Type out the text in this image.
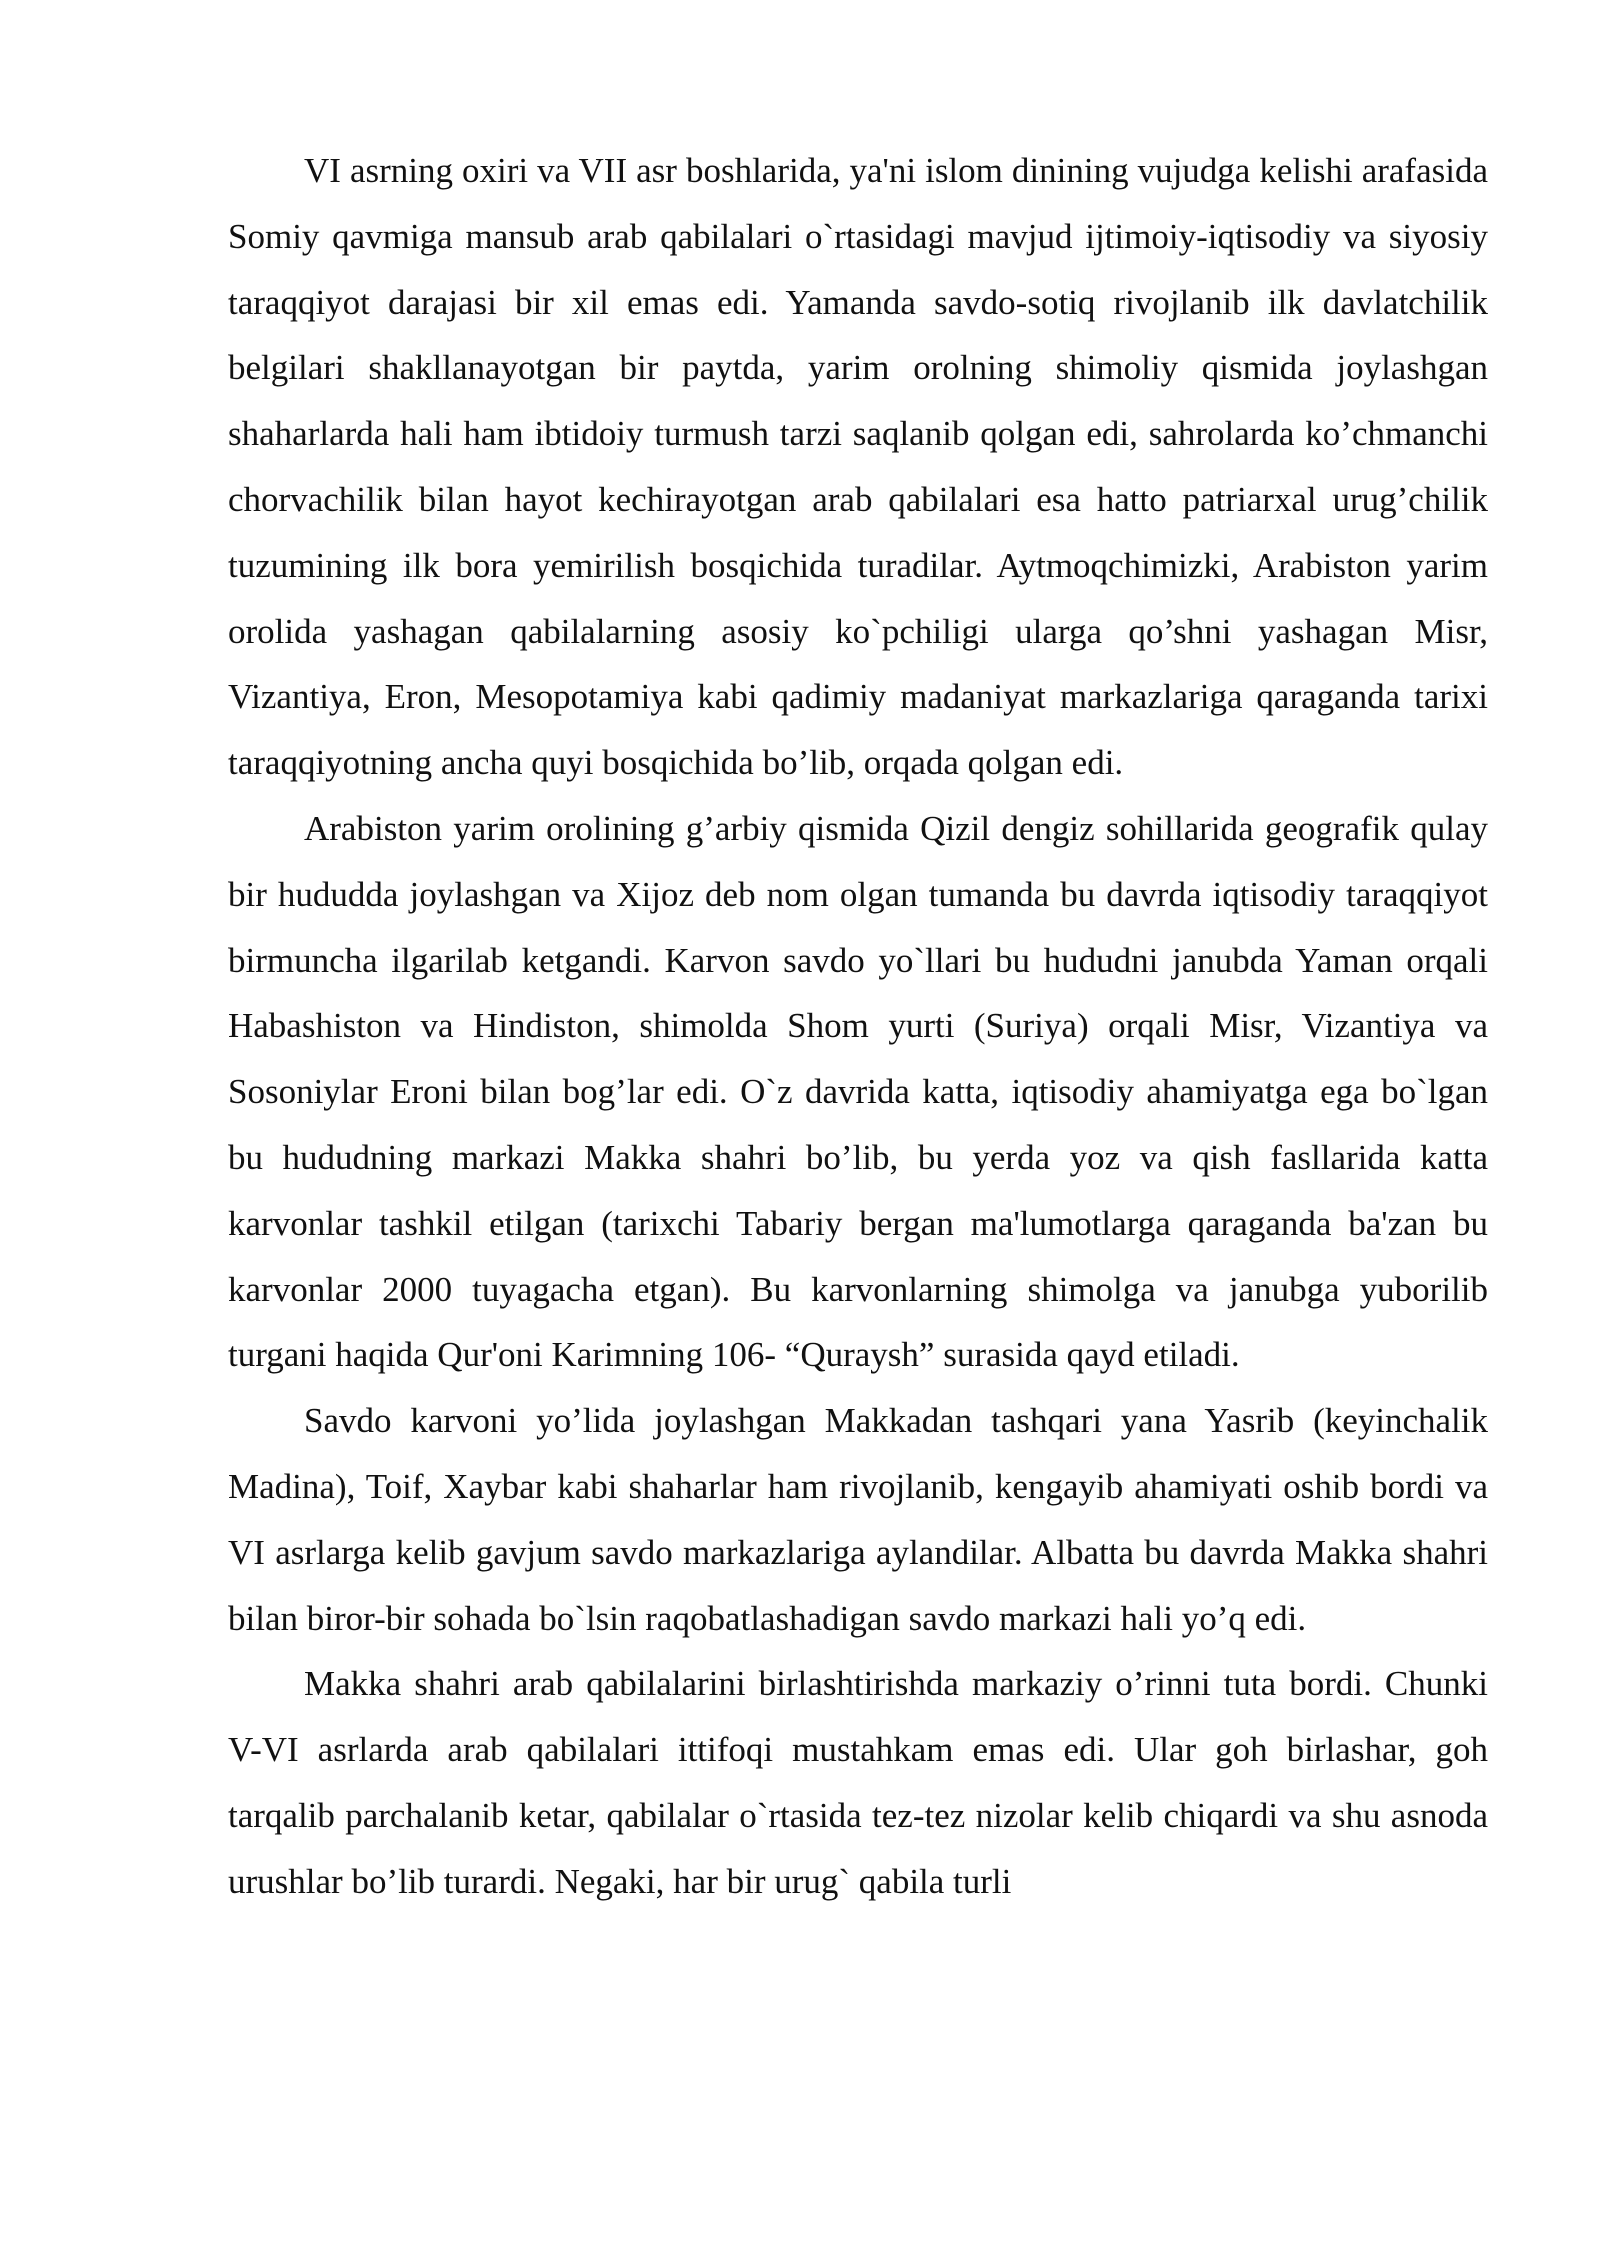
VI asrning oxiri va VII asr boshlarida, ya'ni islom dinining vujudga kelishi arafasida Somiy qavmiga mansub arab qabilalari o`rtasidagi mavjud ijtimoiy-iqtisodiy va siyosiy taraqqiyot darajasi bir xil emas edi. Yamanda savdo-sotiq rivojlanib ilk davlatchilik belgilari shakllanayotgan bir paytda, yarim orolning shimoliy qismida joylashgan shaharlarda hali ham ibtidoiy turmush tarzi saqlanib qolgan edi, sahrolarda ko’chmanchi chorvachilik bilan hayot kechirayotgan arab qabilalari esa hatto patriarxal urug’chilik tuzumining ilk bora yemirilish bosqichida turadilar. Aytmoqchimizki, Arabiston yarim orolida yashagan qabilalarning asosiy ko`pchiligi ularga qo’shni yashagan Misr, Vizantiya, Eron, Mesopotamiya kabi qadimiy madaniyat markazlariga qaraganda tarixi taraqqiyotning ancha quyi bosqichida bo’lib, orqada qolgan edi.

Arabiston yarim orolining g’arbiy qismida Qizil dengiz sohillarida geografik qulay bir hududda joylashgan va Xijoz deb nom olgan tumanda bu davrda iqtisodiy taraqqiyot birmuncha ilgarilab ketgandi. Karvon savdo yo`llari bu hududni janubda Yaman orqali Habashiston va Hindiston, shimolda Shom yurti (Suriya) orqali Misr, Vizantiya va Sosoniylar Eroni bilan bog’lar edi. O`z davrida katta, iqtisodiy ahamiyatga ega bo`lgan bu hududning markazi Makka shahri bo’lib, bu yerda yoz va qish fasllarida katta karvonlar tashkil etilgan (tarixchi Tabariy bergan ma'lumotlarga qaraganda ba'zan bu karvonlar 2000 tuyagacha etgan). Bu karvonlarning shimolga va janubga yuborilib turgani haqida Qur'oni Karimning 106- “Quraysh” surasida qayd etiladi.

Savdo karvoni yo’lida joylashgan Makkadan tashqari yana Yasrib (keyinchalik Madina), Toif, Xaybar kabi shaharlar ham rivojlanib, kengayib ahamiyati oshib bordi va VI asrlarga kelib gavjum savdo markazlariga aylandilar. Albatta bu davrda Makka shahri bilan biror-bir sohada bo`lsin raqobatlashadigan savdo markazi hali yo’q edi.

Makka shahri arab qabilalarini birlashtirishda markaziy o’rinni tuta bordi. Chunki V-VI asrlarda arab qabilalari ittifoqi mustahkam emas edi. Ular goh birlashar, goh tarqalib parchalanib ketar, qabilalar o`rtasida tez-tez nizolar kelib chiqardi va shu asnoda urushlar bo’lib turardi. Negaki, har bir urug` qabila turli
